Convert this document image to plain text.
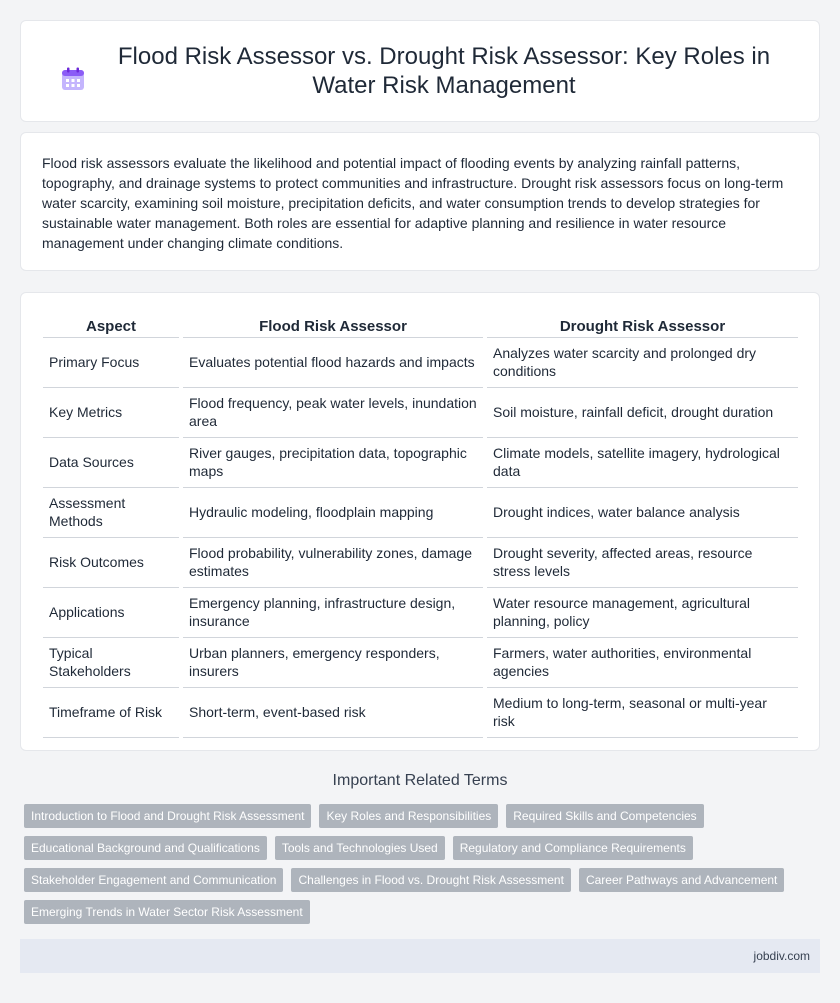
Flood Risk Assessor vs. Drought Risk Assessor: Key Roles in Water Risk Management

Flood risk assessors evaluate the likelihood and potential impact of flooding events by analyzing rainfall patterns, topography, and drainage systems to protect communities and infrastructure. Drought risk assessors focus on long-term water scarcity, examining soil moisture, precipitation deficits, and water consumption trends to develop strategies for sustainable water management. Both roles are essential for adaptive planning and resilience in water resource management under changing climate conditions.

Aspect	Flood Risk Assessor	Drought Risk Assessor
Primary Focus	Evaluates potential flood hazards and impacts	Analyzes water scarcity and prolonged dry conditions
Key Metrics	Flood frequency, peak water levels, inundation area	Soil moisture, rainfall deficit, drought duration
Data Sources	River gauges, precipitation data, topographic maps	Climate models, satellite imagery, hydrological data
Assessment Methods	Hydraulic modeling, floodplain mapping	Drought indices, water balance analysis
Risk Outcomes	Flood probability, vulnerability zones, damage estimates	Drought severity, affected areas, resource stress levels
Applications	Emergency planning, infrastructure design, insurance	Water resource management, agricultural planning, policy
Typical Stakeholders	Urban planners, emergency responders, insurers	Farmers, water authorities, environmental agencies
Timeframe of Risk	Short-term, event-based risk	Medium to long-term, seasonal or multi-year risk
Important Related Terms
Introduction to Flood and Drought Risk Assessment	Key Roles and Responsibilities	Required Skills and Competencies
Educational Background and Qualifications	Tools and Technologies Used	Regulatory and Compliance Requirements
Stakeholder Engagement and Communication	Challenges in Flood vs. Drought Risk Assessment	Career Pathways and Advancement
Emerging Trends in Water Sector Risk Assessment
jobdiv.com
